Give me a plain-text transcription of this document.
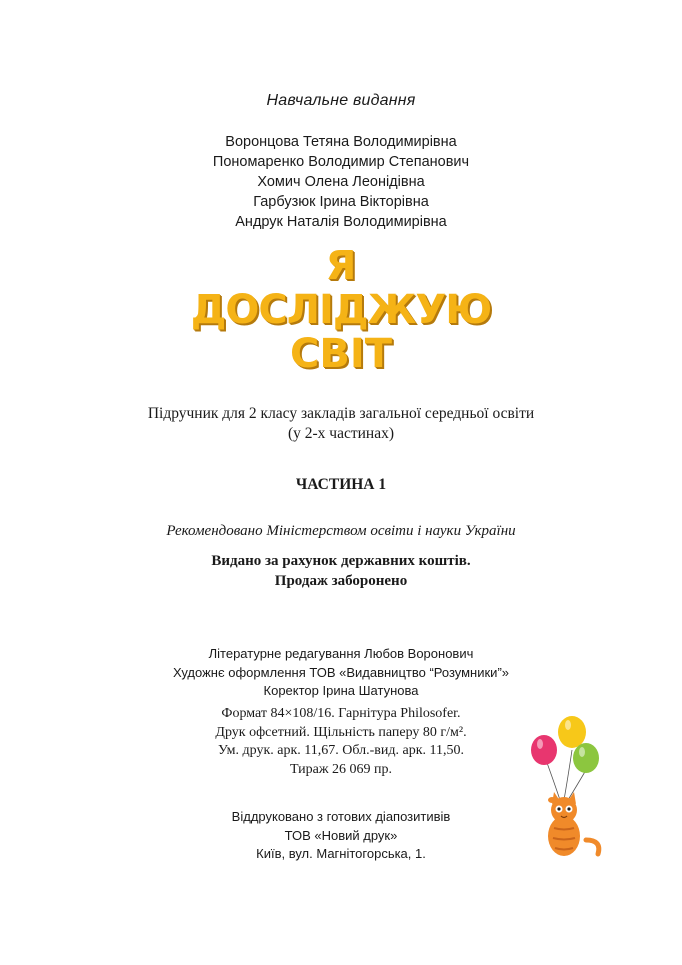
Навчальне видання
Воронцова Тетяна Володимирівна
Пономаренко Володимир Степанович
Хомич Олена Леонідівна
Гарбузюк Ірина Вікторівна
Андрук Наталія Володимирівна
Я
ДОСЛІДЖУЮ
СВІТ
Підручник для 2 класу закладів загальної середньої освіти
(у 2-х частинах)
ЧАСТИНА 1
Рекомендовано Міністерством освіти і науки України
Видано за рахунок державних коштів.
Продаж заборонено
Літературне редагування Любов Воронович
Художнє оформлення ТОВ «Видавництво “Розумники”»
Коректор Ірина Шатунова
Формат 84×108/16. Гарнітура Philosofer.
Друк офсетний. Щільність паперу 80 г/м².
Ум. друк. арк. 11,67. Обл.-вид. арк. 11,50.
Тираж 26 069 пр.
Віддруковано з готових діапозитивів
ТОВ «Новий друк»
Київ, вул. Магнітогорська, 1.
